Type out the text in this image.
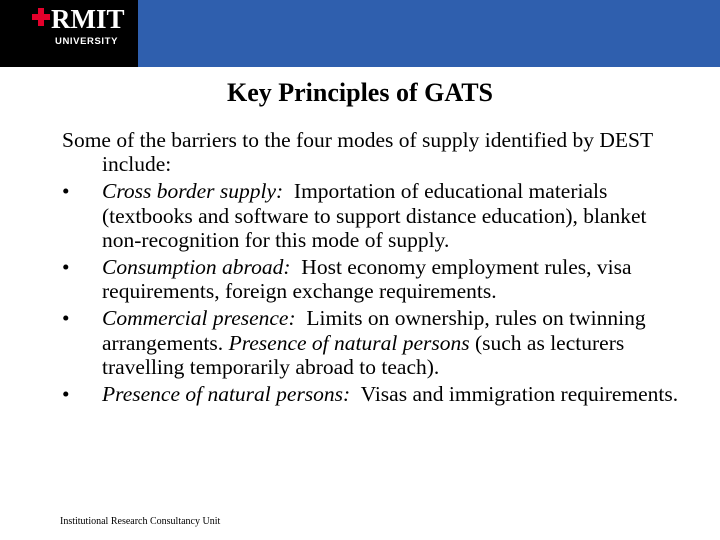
RMIT
UNIVERSITY
Key Principles of GATS
Some of the barriers to the four modes of supply identified by DEST include:
• Cross border supply: Importation of educational materials (textbooks and software to support distance education), blanket non-recognition for this mode of supply.
• Consumption abroad: Host economy employment rules, visa requirements, foreign exchange requirements.
• Commercial presence: Limits on ownership, rules on twinning arrangements. Presence of natural persons (such as lecturers travelling temporarily abroad to teach).
• Presence of natural persons: Visas and immigration requirements.
Institutional Research Consultancy Unit
